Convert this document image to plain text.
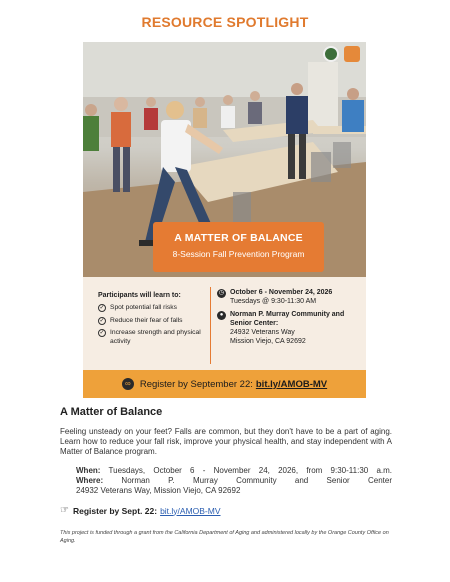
RESOURCE SPOTLIGHT
A MATTER OF BALANCE
8-Session Fall Prevention Program
Participants will learn to:
✓ Spot potential fall risks
✓ Reduce their fear of falls
✓ Increase strength and physical activity
◷ October 6 - November 24, 2026
Tuesdays @ 9:30-11:30 AM
● Norman P. Murray Community and Senior Center:
24932 Veterans Way
Mission Viejo, CA 92692
∞ Register by September 22: bit.ly/AMOB-MV
A Matter of Balance
Feeling unsteady on your feet? Falls are common, but they don't have to be a part of aging. Learn how to reduce your fall risk, improve your physical health, and stay independent with A Matter of Balance program.
When: Tuesdays, October 6 - November 24, 2026, from 9:30-11:30 a.m.
Where: Norman P. Murray Community and Senior Center
24932 Veterans Way, Mission Viejo, CA 92692
☞ Register by Sept. 22: bit.ly/AMOB-MV
This project is funded through a grant from the California Department of Aging and administered locally by the Orange County Office on Aging.
